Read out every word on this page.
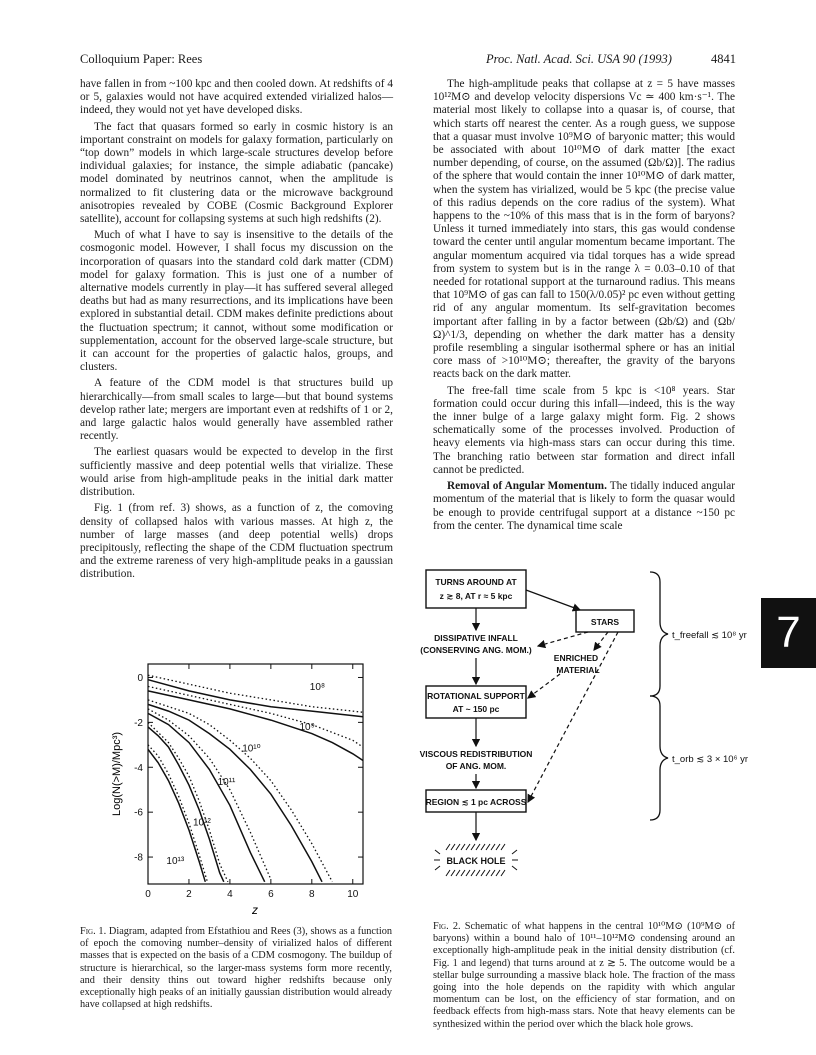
Colloquium Paper: Rees	Proc. Natl. Acad. Sci. USA 90 (1993)	4841

have fallen in from ~100 kpc and then cooled down. At redshifts of 4 or 5, galaxies would not have acquired extended virialized halos—indeed, they would not yet have developed disks.

The fact that quasars formed so early in cosmic history is an important constraint on models for galaxy formation, particularly on “top down” models in which large-scale structures develop before individual galaxies; for instance, the simple adiabatic (pancake) model dominated by neutrinos cannot, when the amplitude is normalized to fit clustering data or the microwave background anisotropies revealed by COBE (Cosmic Background Explorer satellite), account for collapsing systems at such high redshifts (2).

Much of what I have to say is insensitive to the details of the cosmogonic model. However, I shall focus my discussion on the incorporation of quasars into the standard cold dark matter (CDM) model for galaxy formation. This is just one of a number of alternative models currently in play—it has suffered several alleged deaths but had as many resurrections, and its implications have been explored in substantial detail. CDM makes definite predictions about the fluctuation spectrum; it cannot, without some modification or supplementation, account for the observed large-scale structure, but it can account for the properties of galactic halos, groups, and clusters.

A feature of the CDM model is that structures build up hierarchically—from small scales to large—but that bound systems develop rather late; mergers are important even at redshifts of 1 or 2, and large galactic halos would generally have assembled rather recently.

The earliest quasars would be expected to develop in the first sufficiently massive and deep potential wells that virialize. These would arise from high-amplitude peaks in the initial dark matter distribution.

Fig. 1 (from ref. 3) shows, as a function of z, the comoving density of collapsed halos with various masses. At high z, the number of large masses (and deep potential wells) drops precipitously, reflecting the shape of the CDM fluctuation spectrum and the extreme rareness of very high-amplitude peaks in a gaussian distribution.

The high-amplitude peaks that collapse at z = 5 have masses 10¹²M⊙ and develop velocity dispersions Vc ≃ 400 km·s⁻¹. The material most likely to collapse into a quasar is, of course, that which starts off nearest the center. As a rough guess, we suppose that a quasar must involve 10⁹M⊙ of baryonic matter; this would be associated with about 10¹⁰M⊙ of dark matter [the exact number depending, of course, on the assumed (Ωb/Ω)]. The radius of the sphere that would contain the inner 10¹⁰M⊙ of dark matter, when the system has virialized, would be 5 kpc (the precise value of this radius depends on the core radius of the system). What happens to the ~10% of this mass that is in the form of baryons? Unless it turned immediately into stars, this gas would condense toward the center until angular momentum became important. The angular momentum acquired via tidal torques has a wide spread from system to system but is in the range λ = 0.03–0.10 of that needed for rotational support at the turnaround radius. This means that 10⁹M⊙ of gas can fall to 150(λ/0.05)² pc even without getting rid of any angular momentum. Its self-gravitation becomes important after falling in by a factor between (Ωb/Ω) and (Ωb/Ω)^1/3, depending on whether the dark matter has a density profile resembling a singular isothermal sphere or has an initial core mass of >10¹⁰M⊙; thereafter, the gravity of the baryons reacts back on the dark matter.

The free-fall time scale from 5 kpc is <10⁸ years. Star formation could occur during this infall—indeed, this is the way the inner bulge of a large galaxy might form. Fig. 2 shows schematically some of the processes involved. Production of heavy elements via high-mass stars can occur during this time. The branching ratio between star formation and direct infall cannot be predicted.

Removal of Angular Momentum. The tidally induced angular momentum of the material that is likely to form the quasar would be enough to provide centrifugal support at a distance ~150 pc from the center. The dynamical time scale

10⁸
10⁹
10¹⁰
10¹¹
10¹²
10¹³
0	2	4	6	8	10
0
-2
-4
-6
-8
z
Log(N(>M)/Mpc³)
TURNS AROUND AT
z ≳ 8, AT r ≈ 5 kpc
STARS
DISSIPATIVE INFALL
(CONSERVING ANG. MOM.)
ENRICHED
MATERIAL
ROTATIONAL SUPPORT
AT ~ 150 pc
VISCOUS REDISTRIBUTION
OF ANG. MOM.
REGION ≲ 1 pc ACROSS
BLACK HOLE
t_freefall ≲ 10⁸ yr
t_orb ≲ 3 × 10⁶ yr
7
Fig. 1. Diagram, adapted from Efstathiou and Rees (3), shows as a function of epoch the comoving number–density of virialized halos of different masses that is expected on the basis of a CDM cosmogony. The buildup of structure is hierarchical, so the larger-mass systems form more recently, and their density thins out toward higher redshifts because only exceptionally high peaks of an initially gaussian distribution would already have collapsed at high redshifts.
Fig. 2. Schematic of what happens in the central 10¹⁰M⊙ (10⁹M⊙ of baryons) within a bound halo of 10¹¹–10¹²M⊙ condensing around an exceptionally high-amplitude peak in the initial density distribution (cf. Fig. 1 and legend) that turns around at z ≳ 5. The outcome would be a stellar bulge surrounding a massive black hole. The fraction of the mass going into the hole depends on the rapidity with which angular momentum can be lost, on the efficiency of star formation, and on feedback effects from high-mass stars. Note that heavy elements can be synthesized within the period over which the black hole grows.
